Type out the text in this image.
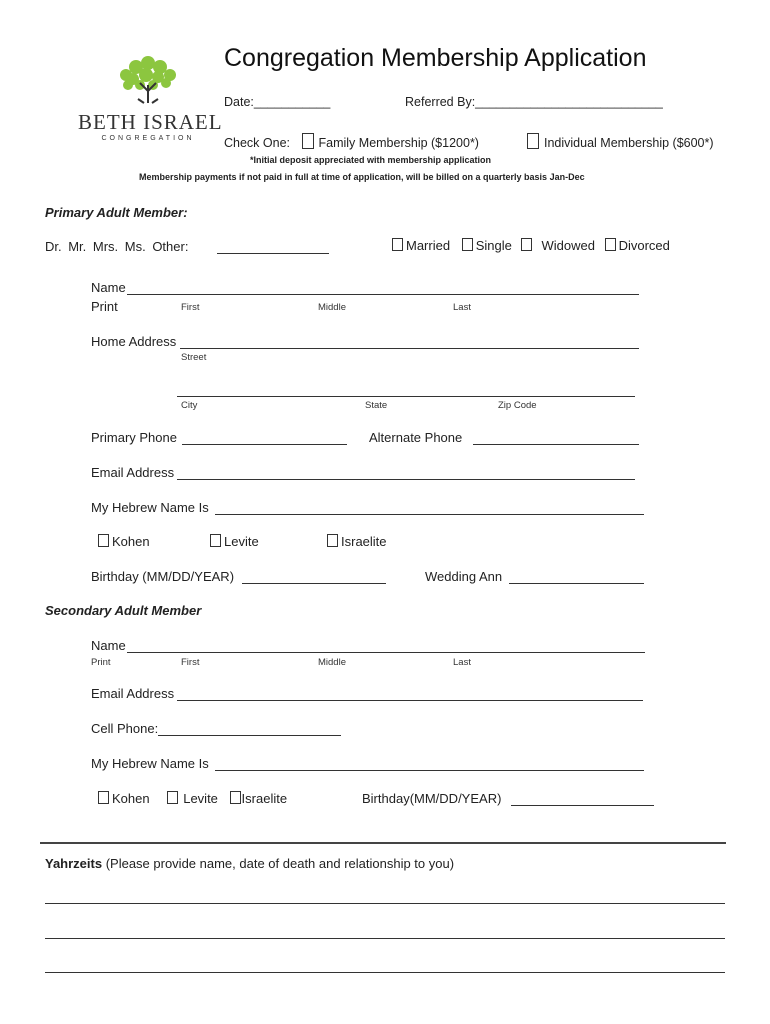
BETH ISRAEL
CONGREGATION
Congregation Membership Application
Date:___________	Referred By:___________________________
Check One: Family Membership ($1200*)	Individual Membership ($600*)
*Initial deposit appreciated with membership application
Membership payments if not paid in full at time of application, will be billed on a quarterly basis Jan-Dec
Primary Adult Member:
Dr. Mr. Mrs. Ms. Other:	Married Single Widowed Divorced
Name
Print	First	Middle	Last
Home Address
Street
City	State	Zip Code
Primary Phone	Alternate Phone
Email Address
My Hebrew Name Is
Kohen	Levite	Israelite
Birthday (MM/DD/YEAR)	Wedding Ann
Secondary Adult Member
Name
Print	First	Middle	Last
Email Address
Cell Phone:
My Hebrew Name Is
Kohen	Levite Israelite	Birthday(MM/DD/YEAR)
Yahrzeits (Please provide name, date of death and relationship to you)
